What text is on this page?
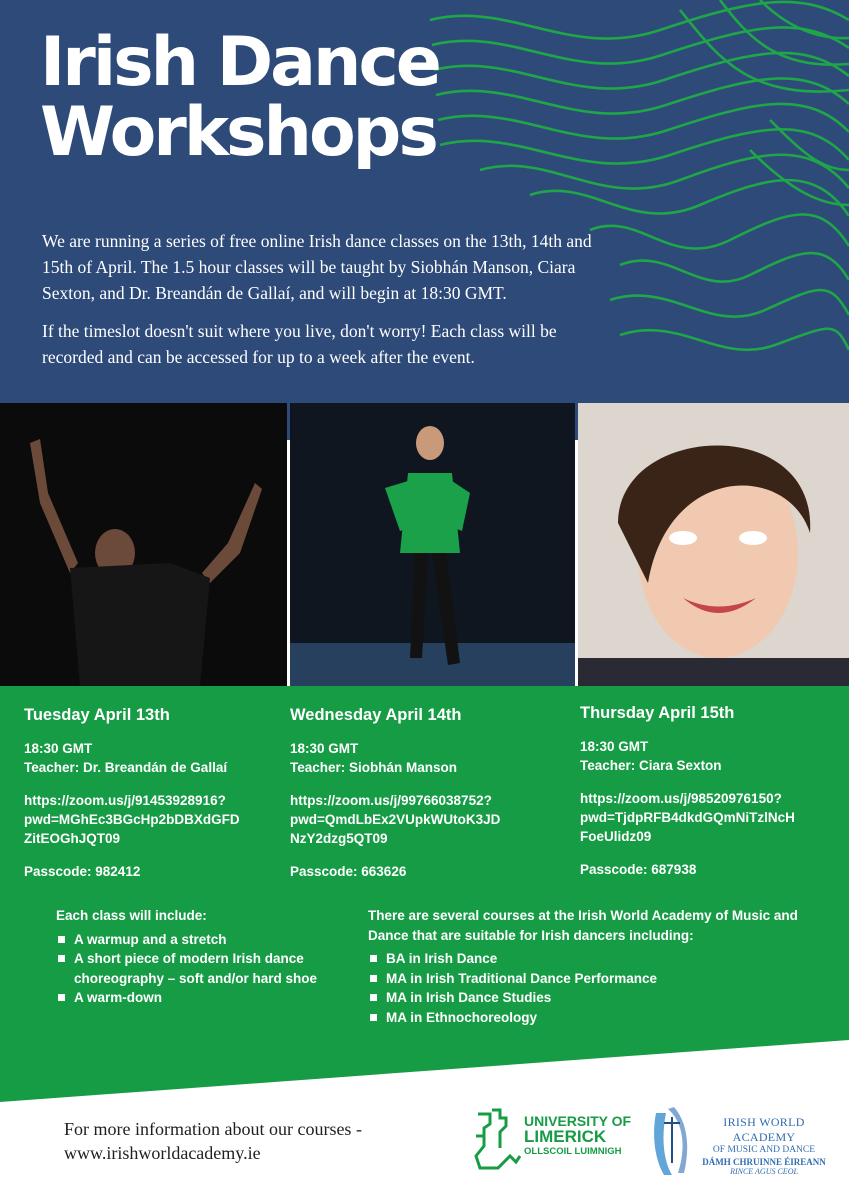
Irish Dance
Workshops

We are running a series of free online Irish dance classes on the 13th, 14th and 15th of April. The 1.5 hour classes will be taught by Siobhán Manson, Ciara Sexton, and Dr. Breandán de Gallaí, and will begin at 18:30 GMT.

If the timeslot doesn't suit where you live, don't worry! Each class will be recorded and can be accessed for up to a week after the event.

Tuesday April 13th
18:30 GMT
Teacher: Dr. Breandán de Gallaí
https://zoom.us/j/91453928916?
pwd=MGhEc3BGcHp2bDBXdGFD
ZitEOGhJQT09
Passcode: 982412
Wednesday April 14th
18:30 GMT
Teacher: Siobhán Manson
https://zoom.us/j/99766038752?
pwd=QmdLbEx2VUpkWUtoK3JD
NzY2dzg5QT09
Passcode: 663626
Thursday April 15th
18:30 GMT
Teacher: Ciara Sexton
https://zoom.us/j/98520976150?
pwd=TjdpRFB4dkdGQmNiTzlNcH
FoeUlidz09
Passcode: 687938
Each class will include:
A warmup and a stretch
A short piece of modern Irish dance choreography – soft and/or hard shoe
A warm-down
There are several courses at the Irish World Academy of Music and Dance that are suitable for Irish dancers including:
BA in Irish Dance
MA in Irish Traditional Dance Performance
MA in Irish Dance Studies
MA in Ethnochoreology
For more information about our courses -
www.irishworldacademy.ie
UNIVERSITY OF
LIMERICK
OLLSCOIL LUIMNIGH
IRISH WORLD ACADEMY
OF MUSIC AND DANCE
DÁMH CHRUINNE ÉIREANN
RINCE AGUS CEOL
